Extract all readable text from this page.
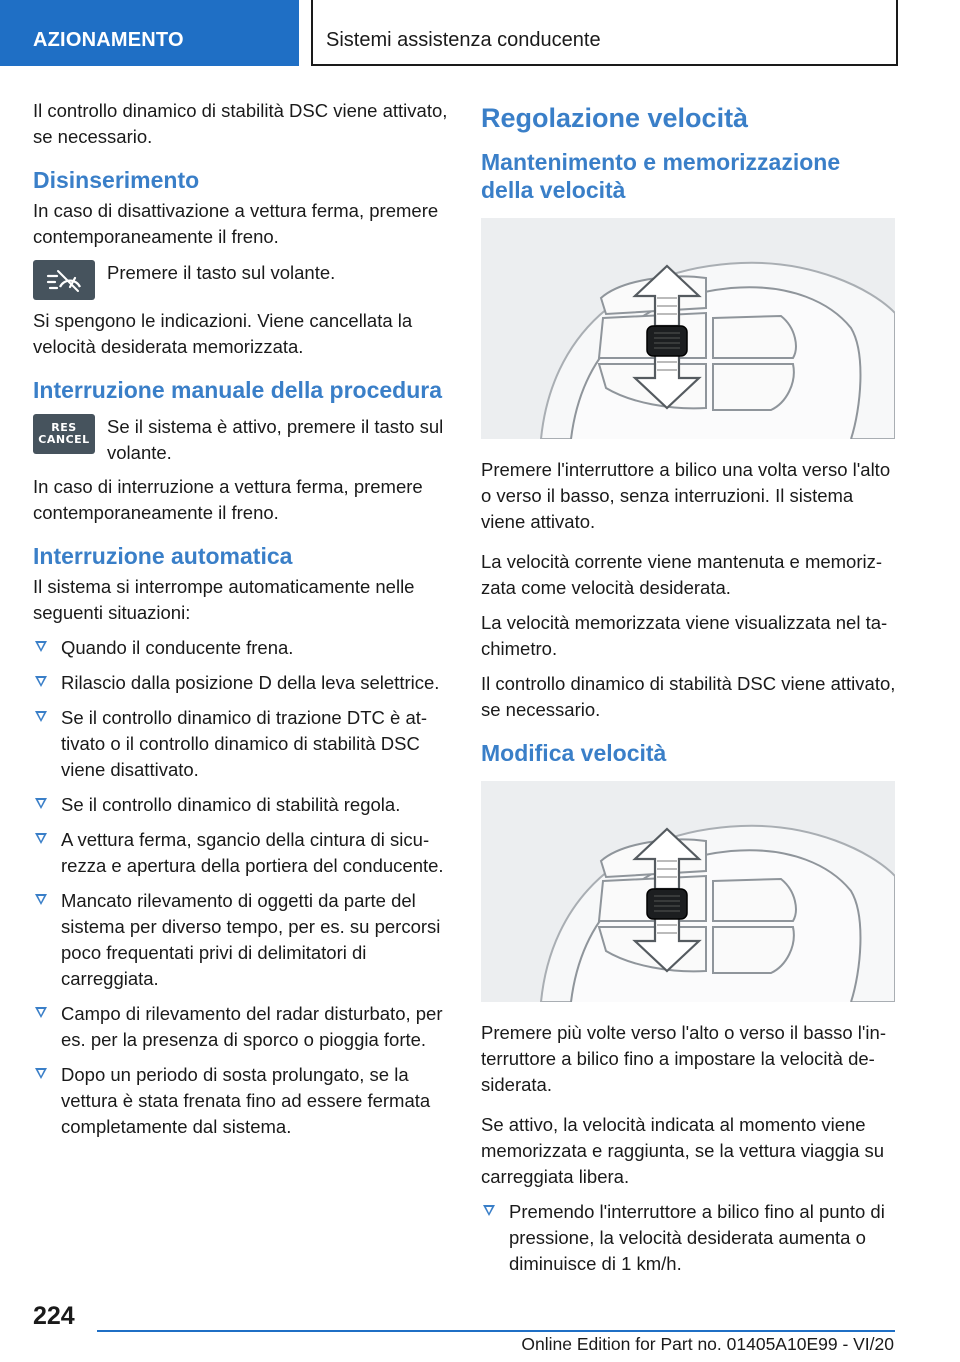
AZIONAMENTO	Sistemi assistenza conducente

Il controllo dinamico di stabilità DSC viene attivato, se necessario.

Disinserimento

In caso di disattivazione a vettura ferma, premere contemporaneamente il freno.

Premere il tasto sul volante.

Si spengono le indicazioni. Viene cancellata la velocità desiderata memorizzata.

Interruzione manuale della procedura
RES
CANCEL
Se il sistema è attivo, premere il tasto sul volante.

In caso di interruzione a vettura ferma, premere contemporaneamente il freno.

Interruzione automatica

Il sistema si interrompe automaticamente nelle seguenti situazioni:

Quando il conducente frena.
Rilascio dalla posizione D della leva selettrice.
Se il controllo dinamico di trazione DTC è attivato o il controllo dinamico di stabilità DSC viene disattivato.
Se il controllo dinamico di stabilità regola.
A vettura ferma, sgancio della cintura di sicurezza e apertura della portiera del conducente.
Mancato rilevamento di oggetti da parte del sistema per diverso tempo, per es. su percorsi poco frequentati privi di delimitatori di carreggiata.
Campo di rilevamento del radar disturbato, per es. per la presenza di sporco o pioggia forte.
Dopo un periodo di sosta prolungato, se la vettura è stata frenata fino ad essere fermata completamente dal sistema.
Regolazione velocità
Mantenimento e memorizzazione della velocità

Premere l'interruttore a bilico una volta verso l'alto o verso il basso, senza interruzioni. Il sistema viene attivato.

La velocità corrente viene mantenuta e memorizzata come velocità desiderata.

La velocità memorizzata viene visualizzata nel tachimetro.

Il controllo dinamico di stabilità DSC viene attivato, se necessario.

Modifica velocità

Premere più volte verso l'alto o verso il basso l'interruttore a bilico fino a impostare la velocità desiderata.

Se attivo, la velocità indicata al momento viene memorizzata e raggiunta, se la vettura viaggia su carreggiata libera.

Premendo l'interruttore a bilico fino al punto di pressione, la velocità desiderata aumenta o diminuisce di 1 km/h.
224
Online Edition for Part no. 01405A10E99 - VI/20
